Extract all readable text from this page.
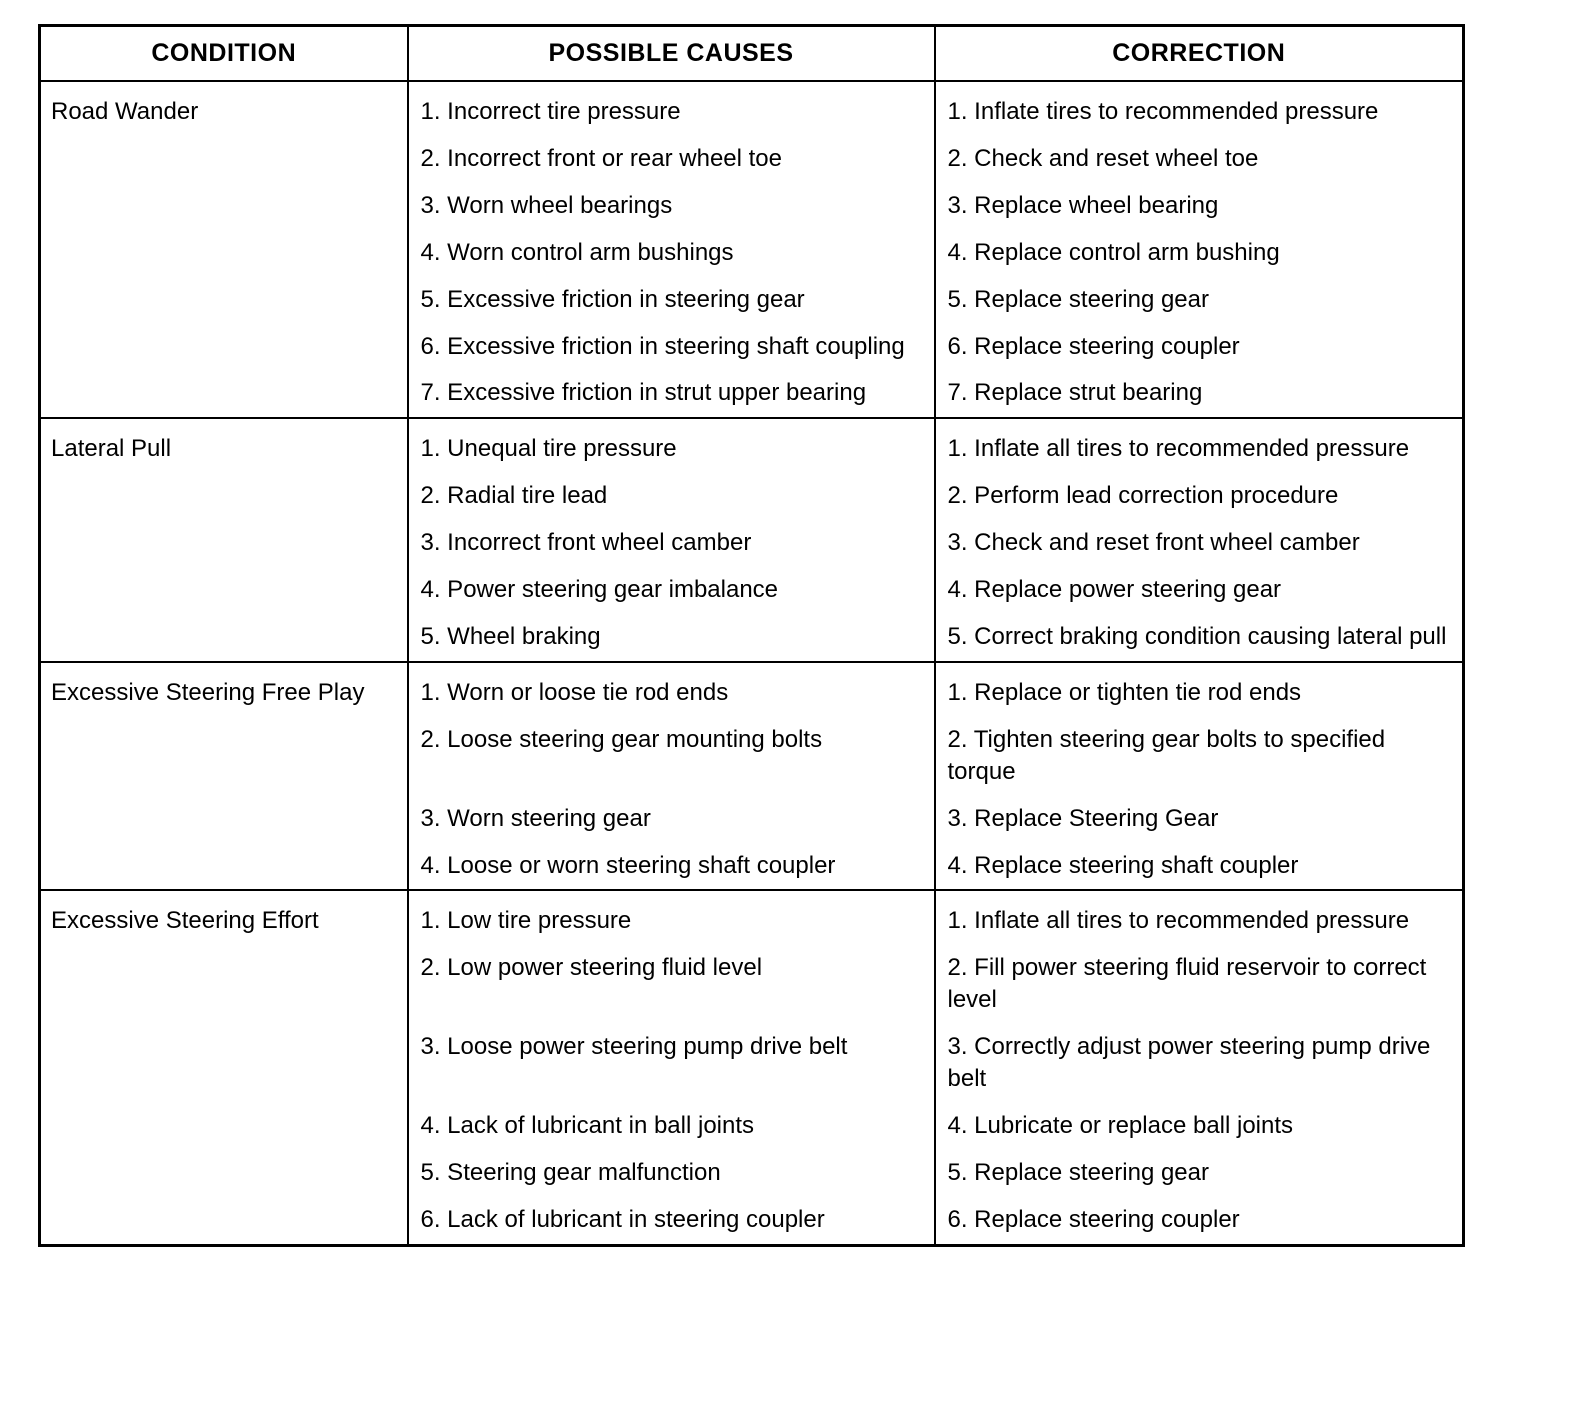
CONDITION	POSSIBLE CAUSES	CORRECTION
Road Wander	1. Incorrect tire pressure	1. Inflate tires to recommended pressure
	2. Incorrect front or rear wheel toe	2. Check and reset wheel toe
	3. Worn wheel bearings	3. Replace wheel bearing
	4. Worn control arm bushings	4. Replace control arm bushing
	5. Excessive friction in steering gear	5. Replace steering gear
	6. Excessive friction in steering shaft coupling	6. Replace steering coupler
	7. Excessive friction in strut upper bearing	7. Replace strut bearing
Lateral Pull	1. Unequal tire pressure	1. Inflate all tires to recommended pressure
	2. Radial tire lead	2. Perform lead correction procedure
	3. Incorrect front wheel camber	3. Check and reset front wheel camber
	4. Power steering gear imbalance	4. Replace power steering gear
	5. Wheel braking	5. Correct braking condition causing lateral pull
Excessive Steering Free Play	1. Worn or loose tie rod ends	1. Replace or tighten tie rod ends
	2. Loose steering gear mounting bolts	2. Tighten steering gear bolts to specified torque
	3. Worn steering gear	3. Replace Steering Gear
	4. Loose or worn steering shaft coupler	4. Replace steering shaft coupler
Excessive Steering Effort	1. Low tire pressure	1. Inflate all tires to recommended pressure
	2. Low power steering fluid level	2. Fill power steering fluid reservoir to correct level
	3. Loose power steering pump drive belt	3. Correctly adjust power steering pump drive belt
	4. Lack of lubricant in ball joints	4. Lubricate or replace ball joints
	5. Steering gear malfunction	5. Replace steering gear
	6. Lack of lubricant in steering coupler	6. Replace steering coupler
